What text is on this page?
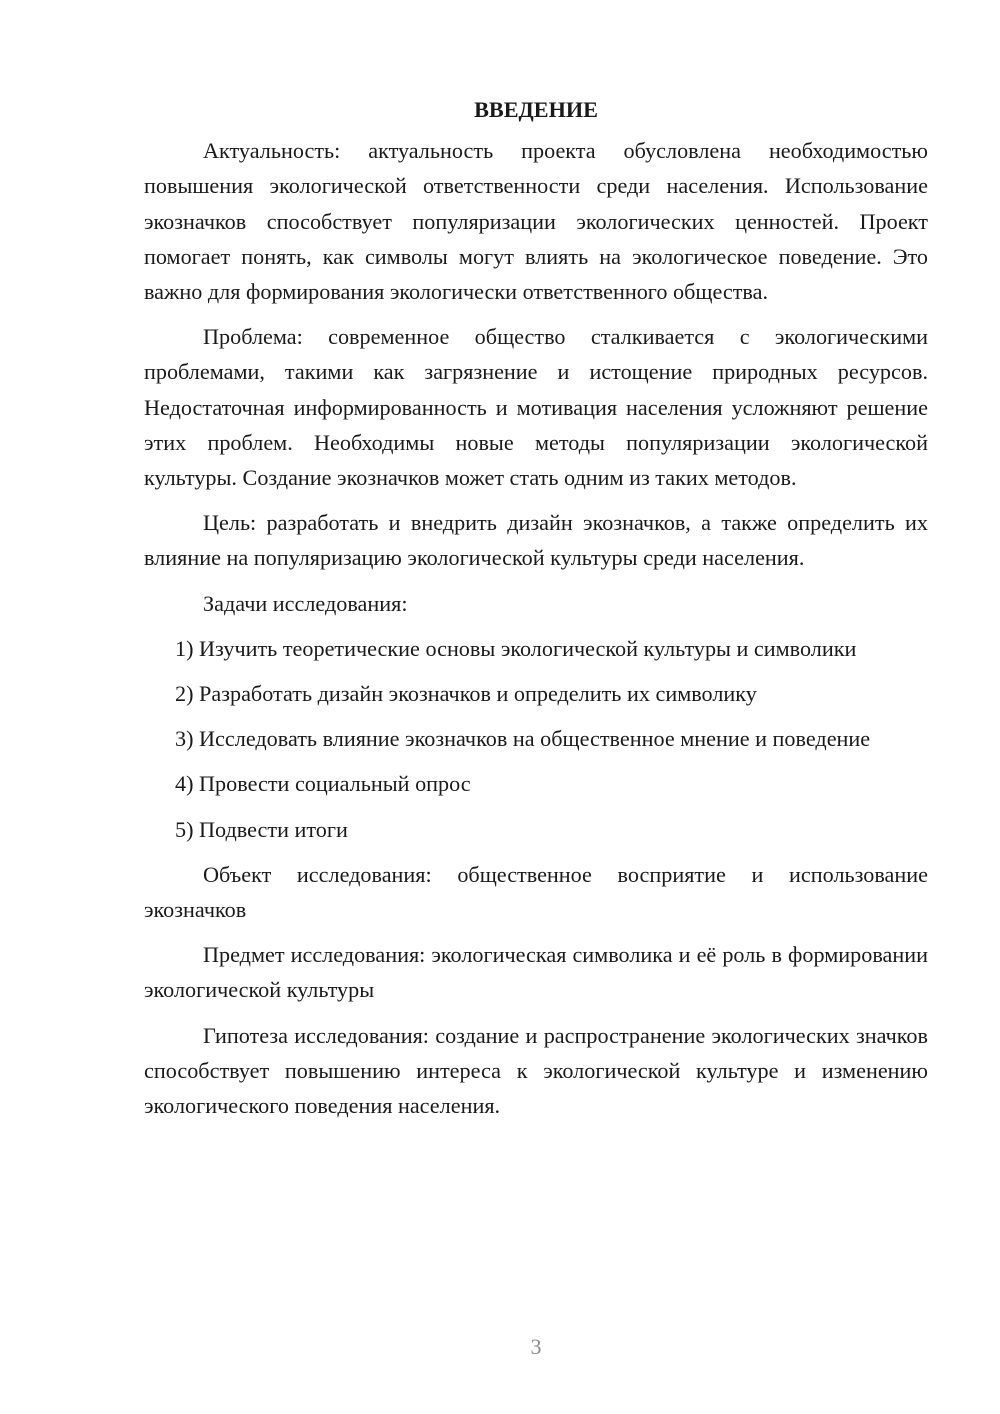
ВВЕДЕНИЕ

Актуальность: актуальность проекта обусловлена необходимостью повышения экологической ответственности среди населения. Использование экозначков способствует популяризации экологических ценностей. Проект помогает понять, как символы могут влиять на экологическое поведение. Это важно для формирования экологически ответственного общества.

Проблема: современное общество сталкивается с экологическими проблемами, такими как загрязнение и истощение природных ресурсов. Недостаточная информированность и мотивация населения усложняют решение этих проблем. Необходимы новые методы популяризации экологической культуры. Создание экозначков может стать одним из таких методов.

Цель: разработать и внедрить дизайн экозначков, а также определить их влияние на популяризацию экологической культуры среди населения.

Задачи исследования:

1) Изучить теоретические основы экологической культуры и символики

2) Разработать дизайн экозначков и определить их символику

3) Исследовать влияние экозначков на общественное мнение и поведение

4) Провести социальный опрос

5) Подвести итоги

Объект исследования: общественное восприятие и использование экозначков

Предмет исследования: экологическая символика и её роль в формировании экологической культуры

Гипотеза исследования: создание и распространение экологических значков способствует повышению интереса к экологической культуре и изменению экологического поведения населения.

3
